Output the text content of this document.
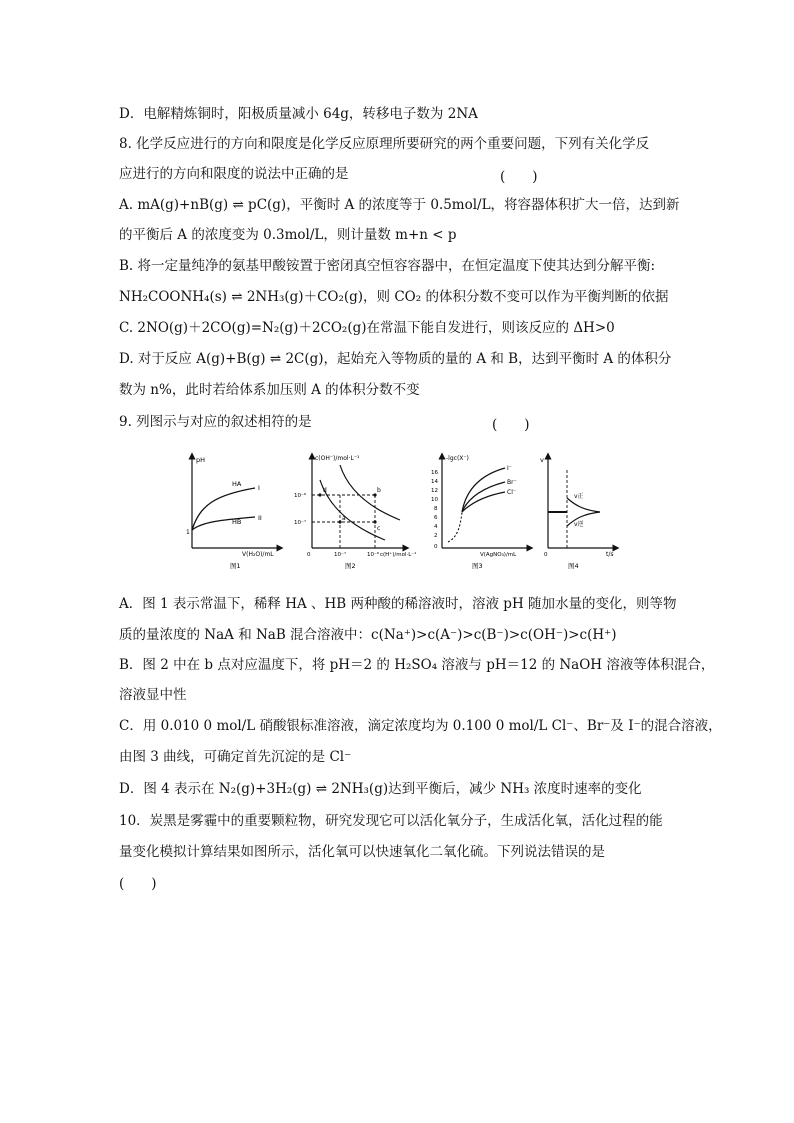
D．电解精炼铜时，阳极质量减小 64g，转移电子数为 2NA
8. 化学反应进行的方向和限度是化学反应原理所要研究的两个重要问题，下列有关化学反
应进行的方向和限度的说法中正确的是	(　　)
A. mA(g)+nB(g) ⇌ pC(g)，平衡时 A 的浓度等于 0.5mol/L，将容器体积扩大一倍，达到新
的平衡后 A 的浓度变为 0.3mol/L，则计量数 m+n < p
B. 将一定量纯净的氨基甲酸铵置于密闭真空恒容容器中，在恒定温度下使其达到分解平衡:
NH₂COONH₄(s) ⇌ 2NH₃(g)＋CO₂(g)，则 CO₂ 的体积分数不变可以作为平衡判断的依据
C. 2NO(g)＋2CO(g)=N₂(g)＋2CO₂(g)在常温下能自发进行，则该反应的 ΔH>0
D. 对于反应 A(g)+B(g) ⇌ 2C(g)，起始充入等物质的量的 A 和 B，达到平衡时 A 的体积分
数为 n%，此时若给体系加压则 A 的体积分数不变
9. 列图示与对应的叙述相符的是	(　　)
pH
HA
HB
I
II
1
V(H₂O)/mL
图1
c(OH⁻)/mol·L⁻¹
10⁻⁶
10⁻⁷
d	b
a
c
0	10⁻⁷	10⁻⁶ c(H⁺)/mol·L⁻¹
图2
-lgc(X⁻)
16
14
12
10
8
6
4
2
0
I⁻
Br⁻
Cl⁻
V(AgNO₃)/mL
图3
v
v正
v逆
0	t/s
图4
A．图 1 表示常温下，稀释 HA 、HB 两种酸的稀溶液时，溶液 pH 随加水量的变化，则等物
质的量浓度的 NaA 和 NaB 混合溶液中：c(Na⁺)>c(A⁻)>c(B⁻)>c(OH⁻)>c(H⁺)
B．图 2 中在 b 点对应温度下，将 pH＝2 的 H₂SO₄ 溶液与 pH＝12 的 NaOH 溶液等体积混合，
溶液显中性
C．用 0.010 0 mol/L 硝酸银标准溶液，滴定浓度均为 0.100 0 mol/L Cl⁻、Br⁻及 I⁻的混合溶液，
由图 3 曲线，可确定首先沉淀的是 Cl⁻
D．图 4 表示在 N₂(g)+3H₂(g) ⇌ 2NH₃(g)达到平衡后，减少 NH₃ 浓度时速率的变化
10．炭黑是雾霾中的重要颗粒物，研究发现它可以活化氧分子，生成活化氧，活化过程的能
量变化模拟计算结果如图所示，活化氧可以快速氧化二氧化硫。下列说法错误的是
(　　)
